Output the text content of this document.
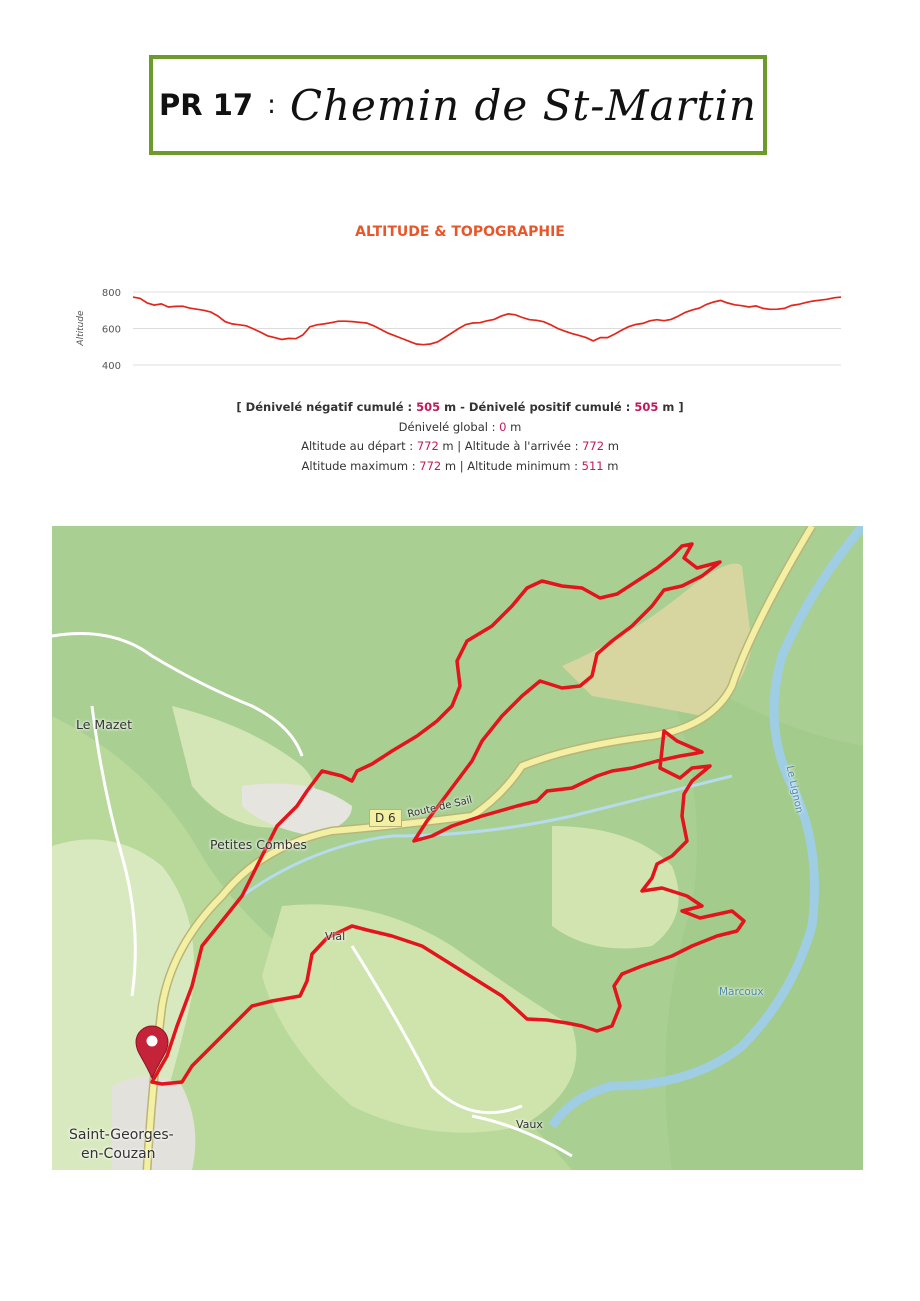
PR 17 : Chemin de St-Martin
ALTITUDE & TOPOGRAPHIE
800
600
400
Altitude
[ Dénivelé négatif cumulé : 505 m - Dénivelé positif cumulé : 505 m ]
Dénivelé global : 0 m
Altitude au départ : 772 m | Altitude à l'arrivée : 772 m
Altitude maximum : 772 m | Altitude minimum : 511 m
Le Mazet
Petites Combes
Vial
D 6	Route de Sail	Le Lignon
Marcoux
Vaux
Saint-Georges-
en-Couzan
